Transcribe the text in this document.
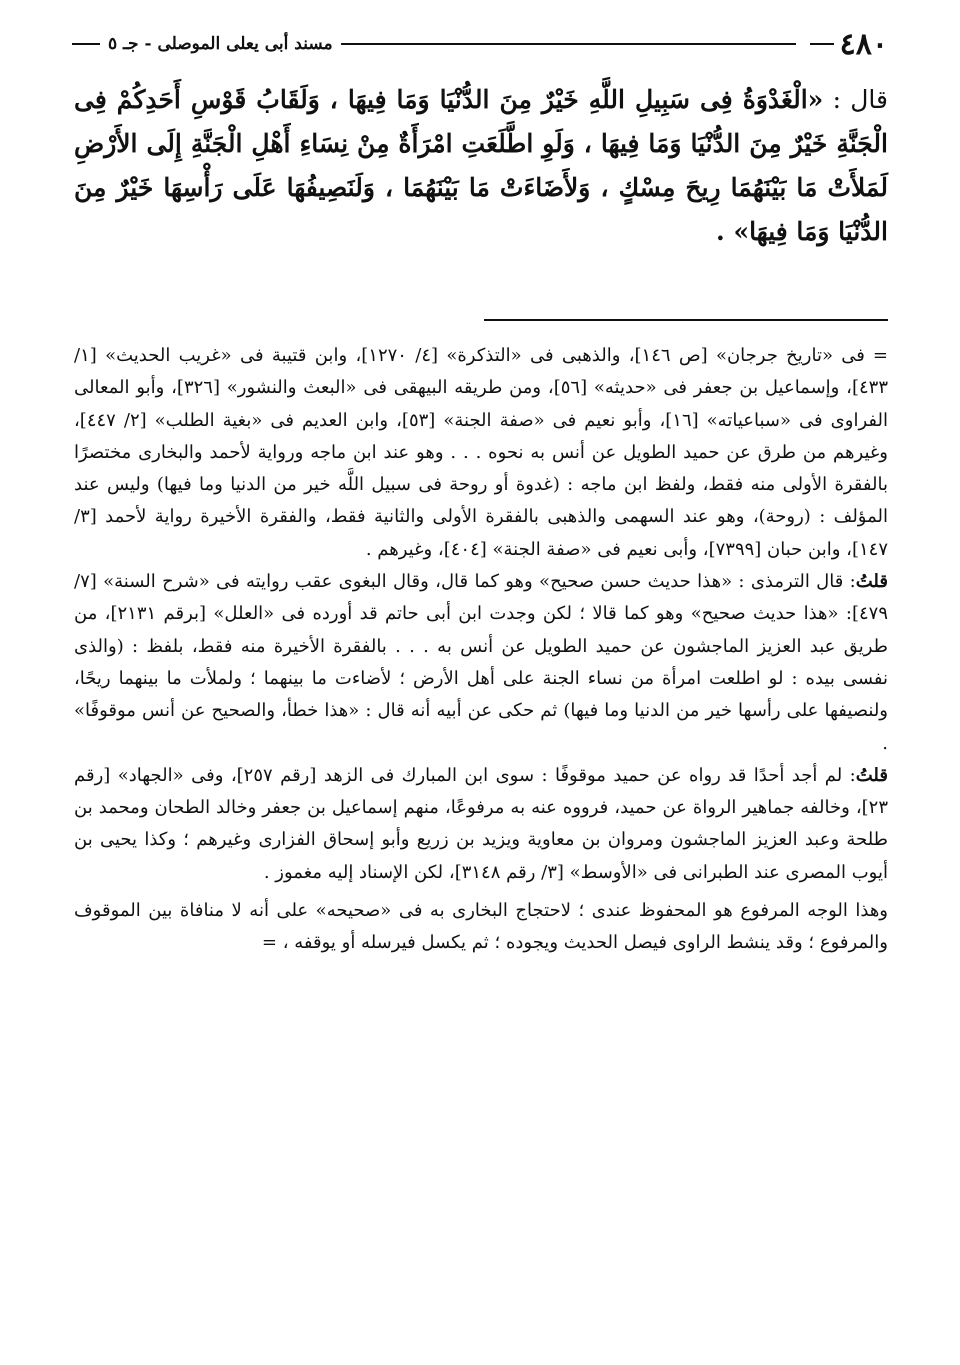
٤٨٠
مسند أبى يعلى الموصلى - جـ ٥
قال : «الْغَدْوَةُ فِى سَبِيلِ اللَّهِ خَيْرٌ مِنَ الدُّنْيَا وَمَا فِيهَا ، وَلَقَابُ قَوْسِ أَحَدِكُمْ فِى الْجَنَّةِ خَيْرٌ مِنَ الدُّنْيَا وَمَا فِيهَا ، وَلَوِ اطَّلَعَتِ امْرَأَةٌ مِنْ نِسَاءِ أَهْلِ الْجَنَّةِ إِلَى الأَرْضِ لَمَلأَتْ مَا بَيْنَهُمَا رِيحَ مِسْكٍ ، وَلأَضَاءَتْ مَا بَيْنَهُمَا ، وَلَنَصِيفُهَا عَلَى رَأْسِهَا خَيْرٌ مِنَ الدُّنْيَا وَمَا فِيهَا» .

=فى «تاريخ جرجان» [ص ١٤٦]، والذهبى فى «التذكرة» [٤/ ١٢٧٠]، وابن قتيبة فى «غريب الحديث» [١/ ٤٣٣]، وإسماعيل بن جعفر فى «حديثه» [٥٦]، ومن طريقه البيهقى فى «البعث والنشور» [٣٢٦]، وأبو المعالى الفراوى فى «سباعياته» [١٦]، وأبو نعيم فى «صفة الجنة» [٥٣]، وابن العديم فى «بغية الطلب» [٢/ ٤٤٧]، وغيرهم من طرق عن حميد الطويل عن أنس به نحوه . . . وهو عند ابن ماجه ورواية لأحمد والبخارى مختصرًا بالفقرة الأولى منه فقط، ولفظ ابن ماجه : (غدوة أو روحة فى سبيل اللَّه خير من الدنيا وما فيها) وليس عند المؤلف : (روحة)، وهو عند السهمى والذهبى بالفقرة الأولى والثانية فقط، والفقرة الأخيرة رواية لأحمد [٣/ ١٤٧]، وابن حبان [٧٣٩٩]، وأبى نعيم فى «صفة الجنة» [٤٠٤]، وغيرهم .

قلتُ: قال الترمذى : «هذا حديث حسن صحيح» وهو كما قال، وقال البغوى عقب روايته فى «شرح السنة» [٧/ ٤٧٩]: «هذا حديث صحيح» وهو كما قالا ؛ لكن وجدت ابن أبى حاتم قد أورده فى «العلل» [برقم ٢١٣١]، من طريق عبد العزيز الماجشون عن حميد الطويل عن أنس به . . . بالفقرة الأخيرة منه فقط، بلفظ : (والذى نفسى بيده : لو اطلعت امرأة من نساء الجنة على أهل الأرض ؛ لأضاءت ما بينهما ؛ ولملأت ما بينهما ريحًا، ولنصيفها على رأسها خير من الدنيا وما فيها) ثم حكى عن أبيه أنه قال : «هذا خطأ، والصحيح عن أنس موقوفًا» .

قلتُ: لم أجد أحدًا قد رواه عن حميد موقوفًا : سوى ابن المبارك فى الزهد [رقم ٢٥٧]، وفى «الجهاد» [رقم ٢٣]، وخالفه جماهير الرواة عن حميد، فرووه عنه به مرفوعًا، منهم إسماعيل بن جعفر وخالد الطحان ومحمد بن طلحة وعبد العزيز الماجشون ومروان بن معاوية ويزيد بن زريع وأبو إسحاق الفزارى وغيرهم ؛ وكذا يحيى بن أيوب المصرى عند الطبرانى فى «الأوسط» [٣/ رقم ٣١٤٨]، لكن الإسناد إليه مغموز .

وهذا الوجه المرفوع هو المحفوظ عندى ؛ لاحتجاج البخارى به فى «صحيحه» على أنه لا منافاة بين الموقوف والمرفوع ؛ وقد ينشط الراوى فيصل الحديث ويجوده ؛ ثم يكسل فيرسله أو يوقفه ، =
